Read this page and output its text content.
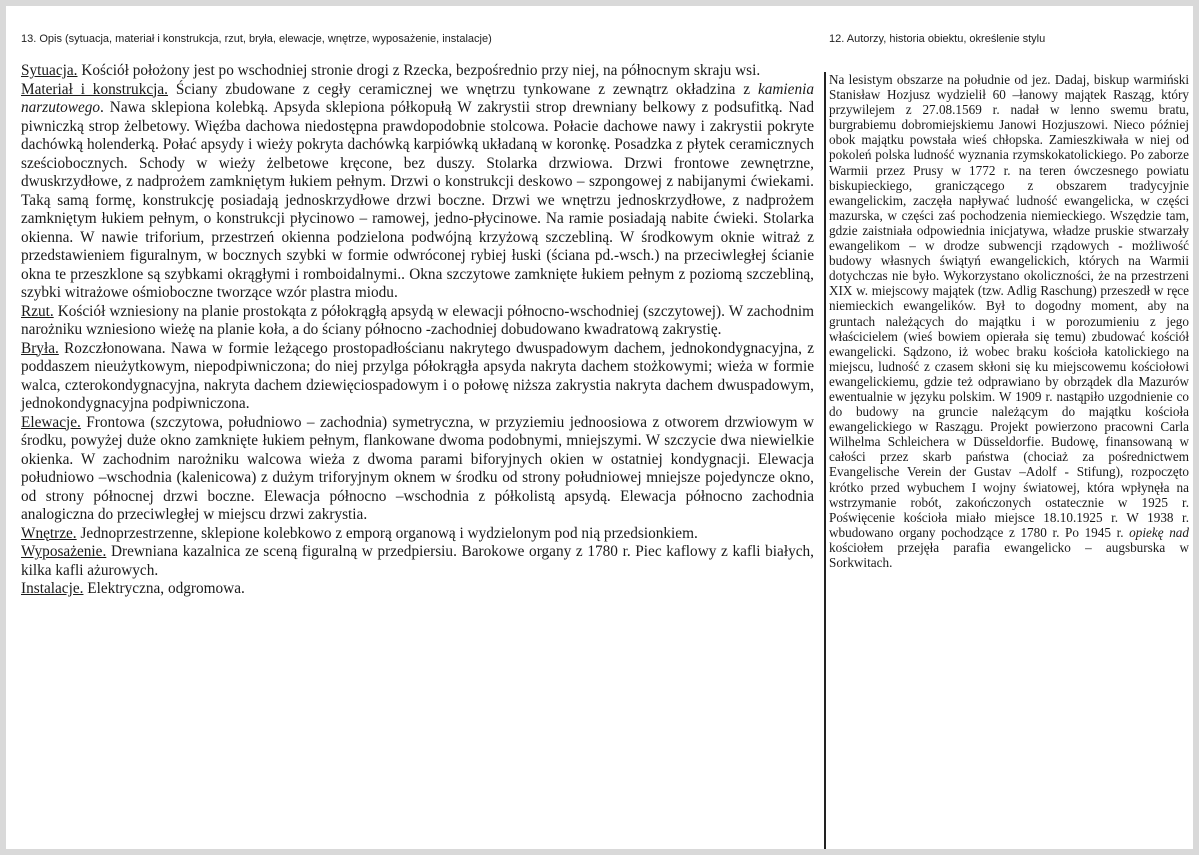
13. Opis (sytuacja, materiał i konstrukcja, rzut, bryła, elewacje, wnętrze, wyposażenie, instalacje)

Sytuacja. Kościół położony jest po wschodniej stronie drogi z Rzecka, bezpośrednio przy niej, na północnym skraju wsi.

Materiał i konstrukcja. Ściany zbudowane z cegły ceramicznej we wnętrzu tynkowane z zewnątrz okładzina z kamienia narzutowego. Nawa sklepiona kolebką. Apsyda sklepiona półkopułą W zakrystii strop drewniany belkowy z podsufitką. Nad piwniczką strop żelbetowy. Więźba dachowa niedostępna prawdopodobnie stolcowa. Połacie dachowe nawy i zakrystii pokryte dachówką holenderką. Połać apsydy i wieży pokryta dachówką karpiówką układaną w koronkę. Posadzka z płytek ceramicznych sześciobocznych. Schody w wieży żelbetowe kręcone, bez duszy. Stolarka drzwiowa. Drzwi frontowe zewnętrzne, dwuskrzydłowe, z nadprożem zamkniętym łukiem pełnym. Drzwi o konstrukcji deskowo – szpongowej z nabijanymi ćwiekami. Taką samą formę, konstrukcję posiadają jednoskrzydłowe drzwi boczne. Drzwi we wnętrzu jednoskrzydłowe, z nadprożem zamkniętym łukiem pełnym, o konstrukcji płycinowo – ramowej, jedno-płycinowe. Na ramie posiadają nabite ćwieki. Stolarka okienna. W nawie triforium, przestrzeń okienna podzielona podwójną krzyżową szczebliną. W środkowym oknie witraż z przedstawieniem figuralnym, w bocznych szybki w formie odwróconej rybiej łuski (ściana pd.-wsch.) na przeciwległej ścianie okna te przeszklone są szybkami okrągłymi i romboidalnymi.. Okna szczytowe zamknięte łukiem pełnym z poziomą szczebliną, szybki witrażowe ośmioboczne tworzące wzór plastra miodu.

Rzut. Kościół wzniesiony na planie prostokąta z półokrągłą apsydą w elewacji północno-wschodniej (szczytowej). W zachodnim narożniku wzniesiono wieżę na planie koła, a do ściany północno -zachodniej dobudowano kwadratową zakrystię.

Bryła. Rozczłonowana. Nawa w formie leżącego prostopadłościanu nakrytego dwuspadowym dachem, jednokondygnacyjna, z poddaszem nieużytkowym, niepodpiwniczona; do niej przylga półokrągła apsyda nakryta dachem stożkowymi; wieża w formie walca, czterokondygnacyjna, nakryta dachem dziewięciospadowym i o połowę niższa zakrystia nakryta dachem dwuspadowym, jednokondygnacyjna podpiwniczona.

Elewacje. Frontowa (szczytowa, południowo – zachodnia) symetryczna, w przyziemiu jednoosiowa z otworem drzwiowym w środku, powyżej duże okno zamknięte łukiem pełnym, flankowane dwoma podobnymi, mniejszymi. W szczycie dwa niewielkie okienka. W zachodnim narożniku walcowa wieża z dwoma parami biforyjnych okien w ostatniej kondygnacji. Elewacja południowo –wschodnia (kalenicowa) z dużym triforyjnym oknem w środku od strony południowej mniejsze pojedyncze okno, od strony północnej drzwi boczne. Elewacja północno –wschodnia z półkolistą apsydą. Elewacja północno zachodnia analogiczna do przeciwległej w miejscu drzwi zakrystia.

Wnętrze. Jednoprzestrzenne, sklepione kolebkowo z emporą organową i wydzielonym pod nią przedsionkiem.

Wyposażenie. Drewniana kazalnica ze sceną figuralną w przedpiersiu. Barokowe organy z 1780 r. Piec kaflowy z kafli białych, kilka kafli ażurowych.

Instalacje. Elektryczna, odgromowa.

12. Autorzy, historia obiektu, określenie stylu

Na lesistym obszarze na południe od jez. Dadaj, biskup warmiński Stanisław Hozjusz wydzielił 60 –łanowy majątek Rasząg, który przywilejem z 27.08.1569 r. nadał w lenno swemu bratu, burgrabiemu dobromiejskiemu Janowi Hozjuszowi. Nieco później obok majątku powstała wieś chłopska. Zamieszkiwała w niej od pokoleń polska ludność wyznania rzymskokatolickiego. Po zaborze Warmii przez Prusy w 1772 r. na teren ówczesnego powiatu biskupieckiego, graniczącego z obszarem tradycyjnie ewangelickim, zaczęła napływać ludność ewangelicka, w części mazurska, w części zaś pochodzenia niemieckiego. Wszędzie tam, gdzie zaistniała odpowiednia inicjatywa, władze pruskie stwarzały ewangelikom – w drodze subwencji rządowych - możliwość budowy własnych świątyń ewangelickich, których na Warmii dotychczas nie było. Wykorzystano okoliczności, że na przestrzeni XIX w. miejscowy majątek (tzw. Adlig Raschung) przeszedł w ręce niemieckich ewangelików. Był to dogodny moment, aby na gruntach należących do majątku i w porozumieniu z jego właścicielem (wieś bowiem opierała się temu) zbudować kościół ewangelicki. Sądzono, iż wobec braku kościoła katolickiego na miejscu, ludność z czasem skłoni się ku miejscowemu kościołowi ewangelickiemu, gdzie też odprawiano by obrządek dla Mazurów ewentualnie w języku polskim. W 1909 r. nastąpiło uzgodnienie co do budowy na gruncie należącym do majątku kościoła ewangelickiego w Raszągu. Projekt powierzono pracowni Carla Wilhelma Schleichera w Düsseldorfie. Budowę, finansowaną w całości przez skarb państwa (chociaż za pośrednictwem Evangelische Verein der Gustav –Adolf - Stifung), rozpoczęto krótko przed wybuchem I wojny światowej, która wpłynęła na wstrzymanie robót, zakończonych ostatecznie w 1925 r. Poświęcenie kościoła miało miejsce 18.10.1925 r. W 1938 r. wbudowano organy pochodzące z 1780 r. Po 1945 r. opiekę nad kościołem przejęła parafia ewangelicko – augsburska w Sorkwitach.
